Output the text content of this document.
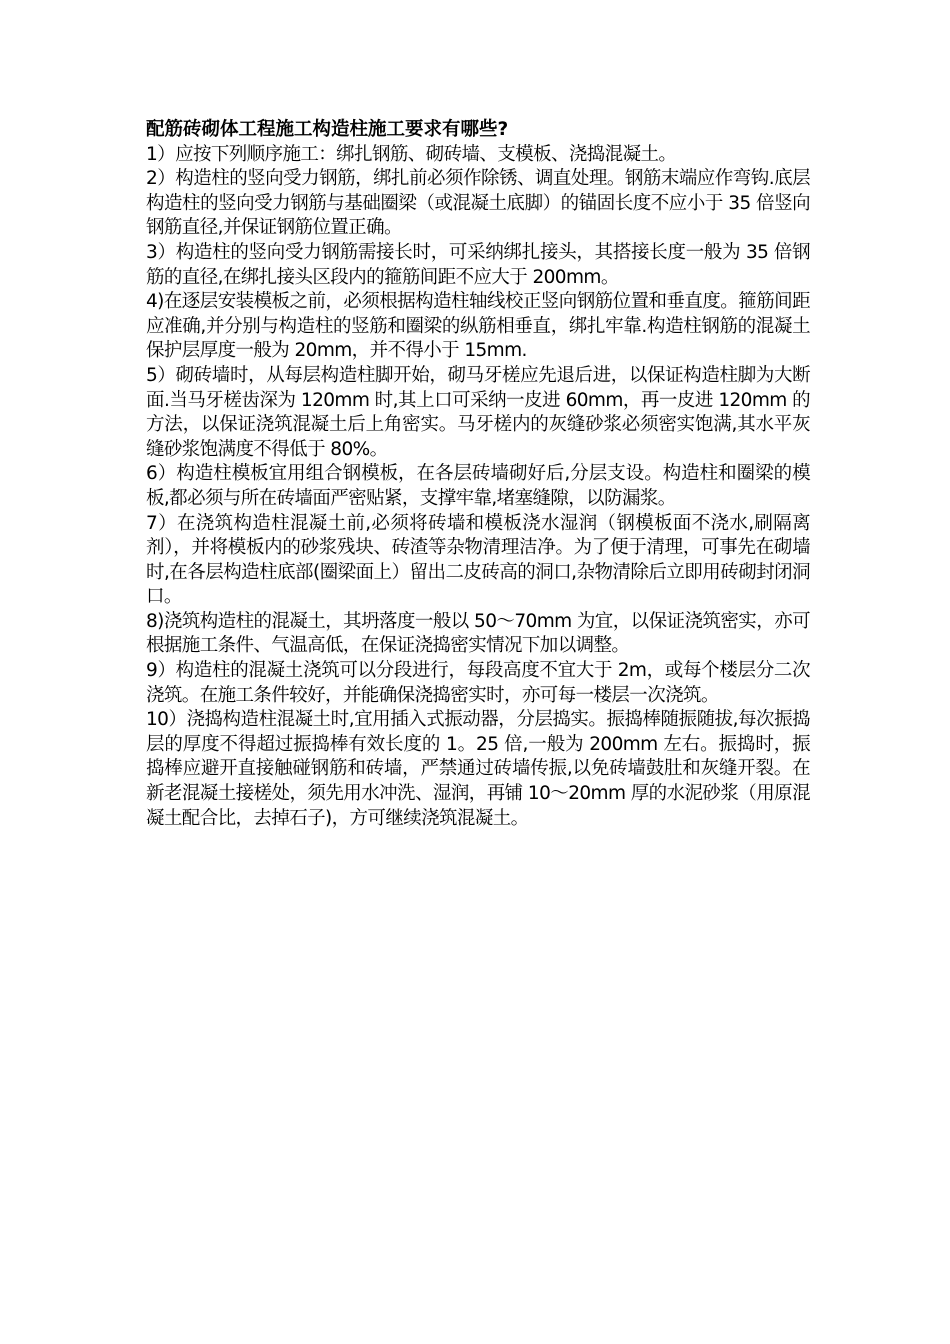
配筋砖砌体工程施工构造柱施工要求有哪些?

1）应按下列顺序施工：绑扎钢筋、砌砖墙、支模板、浇捣混凝土。

2）构造柱的竖向受力钢筋，绑扎前必须作除锈、调直处理。钢筋末端应作弯钩.底层构造柱的竖向受力钢筋与基础圈梁（或混凝土底脚）的锚固长度不应小于 35 倍竖向钢筋直径,并保证钢筋位置正确。

3）构造柱的竖向受力钢筋需接长时，可采纳绑扎接头，其搭接长度一般为 35 倍钢筋的直径,在绑扎接头区段内的箍筋间距不应大于 200mm。

4)在逐层安装模板之前，必须根据构造柱轴线校正竖向钢筋位置和垂直度。箍筋间距应准确,并分别与构造柱的竖筋和圈梁的纵筋相垂直，绑扎牢靠.构造柱钢筋的混凝土保护层厚度一般为 20mm，并不得小于 15mm.

5）砌砖墙时，从每层构造柱脚开始，砌马牙槎应先退后进，以保证构造柱脚为大断面.当马牙槎齿深为 120mm 时,其上口可采纳一皮进 60mm，再一皮进 120mm 的方法，以保证浇筑混凝土后上角密实。马牙槎内的灰缝砂浆必须密实饱满,其水平灰缝砂浆饱满度不得低于 80%。

6）构造柱模板宜用组合钢模板，在各层砖墙砌好后,分层支设。构造柱和圈梁的模板,都必须与所在砖墙面严密贴紧，支撑牢靠,堵塞缝隙，以防漏浆。

7）在浇筑构造柱混凝土前,必须将砖墙和模板浇水湿润（钢模板面不浇水,刷隔离剂），并将模板内的砂浆残块、砖渣等杂物清理洁净。为了便于清理，可事先在砌墙时,在各层构造柱底部(圈梁面上）留出二皮砖高的洞口,杂物清除后立即用砖砌封闭洞口。

8)浇筑构造柱的混凝土，其坍落度一般以 50～70mm 为宜，以保证浇筑密实，亦可根据施工条件、气温高低，在保证浇捣密实情况下加以调整。

9）构造柱的混凝土浇筑可以分段进行，每段高度不宜大于 2m，或每个楼层分二次浇筑。在施工条件较好，并能确保浇捣密实时，亦可每一楼层一次浇筑。

10）浇捣构造柱混凝土时,宜用插入式振动器，分层捣实。振捣棒随振随拔,每次振捣层的厚度不得超过振捣棒有效长度的 1。25 倍,一般为 200mm 左右。振捣时，振捣棒应避开直接触碰钢筋和砖墙，严禁通过砖墙传振,以免砖墙鼓肚和灰缝开裂。在新老混凝土接槎处，须先用水冲洗、湿润，再铺 10～20mm 厚的水泥砂浆（用原混凝土配合比，去掉石子)，方可继续浇筑混凝土。
